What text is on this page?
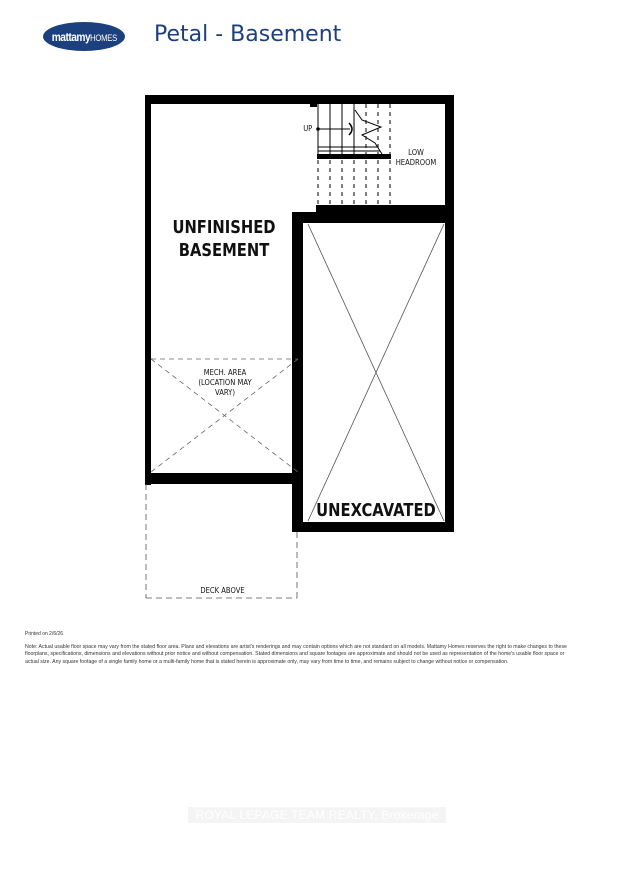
mattamyHOMES Petal - Basement
UNFINISHED
BASEMENT
MECH. AREA
(LOCATION MAY
VARY)
LOW
HEADROOM
UP
UNEXCAVATED
DECK ABOVE
Printed on 2/6/26
Note: Actual usable floor space may vary from the stated floor area. Plans and elevations are artist's renderings and may contain options which are not standard on all models. Mattamy Homes reserves the right to make changes to these floorplans, specifications, dimensions and elevations without prior notice and without compensation. Stated dimensions and square footages are approximate and should not be used as representation of the home's usable floor space or actual size. Any square footage of a single family home or a multi-family home that is stated herein is approximate only, may vary from time to time, and remains subject to change without notice or compensation.
ROYAL LEPAGE TEAM REALTY, Brokerage
